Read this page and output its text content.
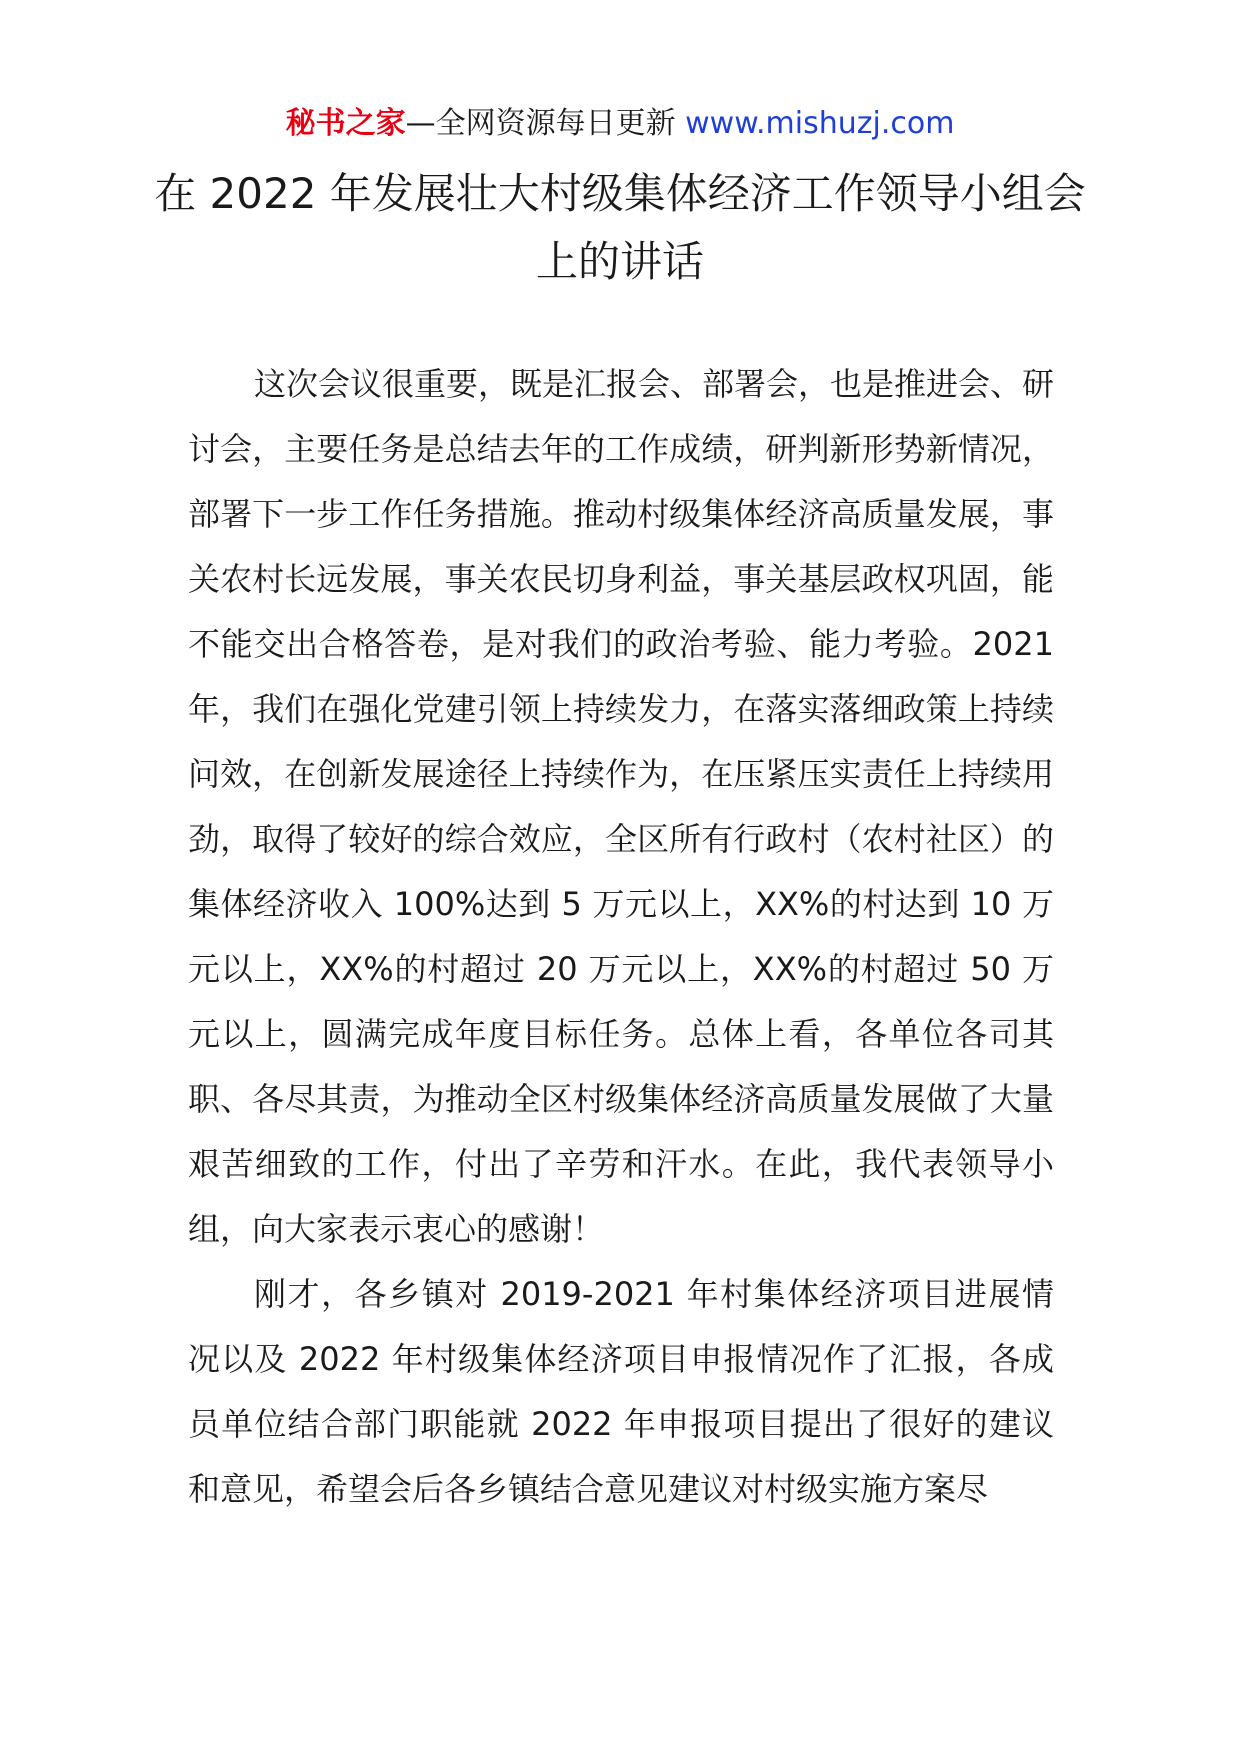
秘书之家—全网资源每日更新 www.mishuzj.com
在 2022 年发展壮大村级集体经济工作领导小组会上的讲话

这次会议很重要，既是汇报会、部署会，也是推进会、研讨会，主要任务是总结去年的工作成绩，研判新形势新情况，部署下一步工作任务措施。推动村级集体经济高质量发展，事关农村长远发展，事关农民切身利益，事关基层政权巩固，能不能交出合格答卷，是对我们的政治考验、能力考验。2021 年，我们在强化党建引领上持续发力，在落实落细政策上持续问效，在创新发展途径上持续作为，在压紧压实责任上持续用劲，取得了较好的综合效应，全区所有行政村（农村社区）的集体经济收入 100%达到 5 万元以上，XX%的村达到 10 万元以上，XX%的村超过 20 万元以上，XX%的村超过 50 万元以上，圆满完成年度目标任务。总体上看，各单位各司其职、各尽其责，为推动全区村级集体经济高质量发展做了大量艰苦细致的工作，付出了辛劳和汗水。在此，我代表领导小组，向大家表示衷心的感谢！

刚才，各乡镇对 2019-2021 年村集体经济项目进展情况以及 2022 年村级集体经济项目申报情况作了汇报，各成员单位结合部门职能就 2022 年申报项目提出了很好的建议和意见，希望会后各乡镇结合意见建议对村级实施方案尽
